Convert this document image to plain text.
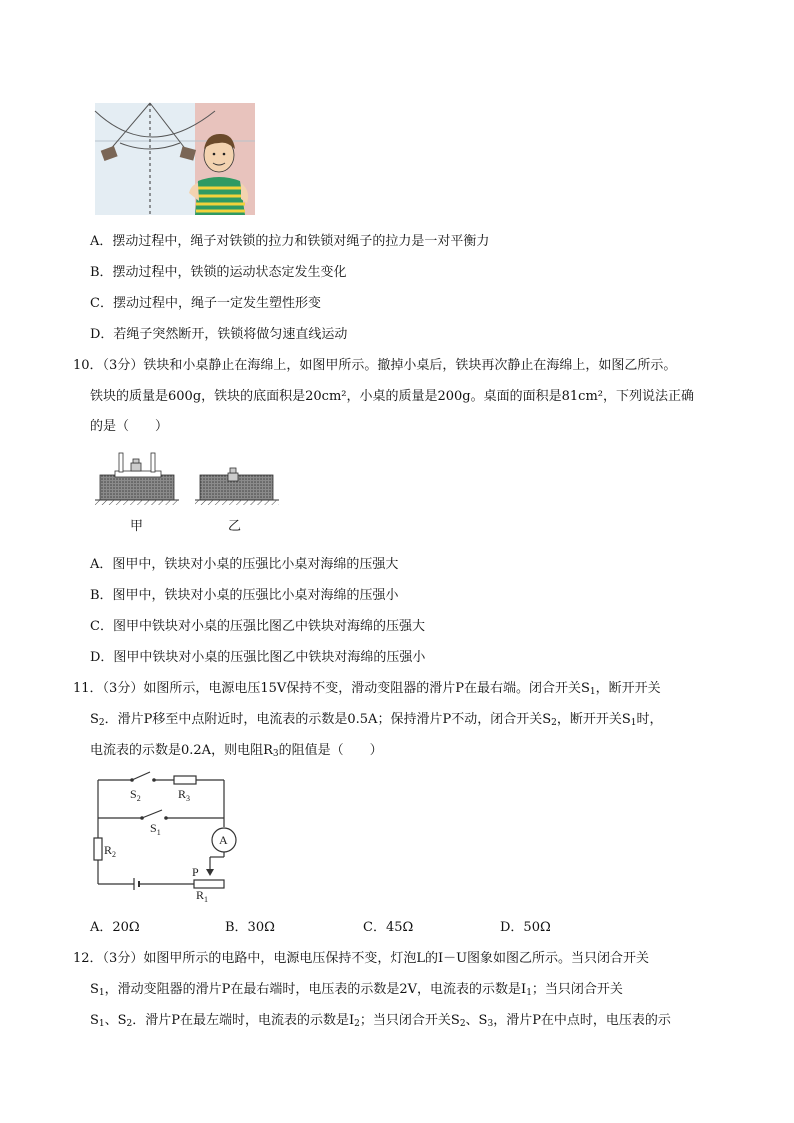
A．摆动过程中，绳子对铁锁的拉力和铁锁对绳子的拉力是一对平衡力
B．摆动过程中，铁锁的运动状态定发生变化
C．摆动过程中，绳子一定发生塑性形变
D．若绳子突然断开，铁锁将做匀速直线运动
10．（3分）铁块和小桌静止在海绵上，如图甲所示。撤掉小桌后，铁块再次静止在海绵上，如图乙所示。
铁块的质量是600g，铁块的底面积是20cm²，小桌的质量是200g。桌面的面积是81cm²，下列说法正确
的是（　　）
甲	乙
A．图甲中，铁块对小桌的压强比小桌对海绵的压强大
B．图甲中，铁块对小桌的压强比小桌对海绵的压强小
C．图甲中铁块对小桌的压强比图乙中铁块对海绵的压强大
D．图甲中铁块对小桌的压强比图乙中铁块对海绵的压强小
11．（3分）如图所示，电源电压15V保持不变，滑动变阻器的滑片P在最右端。闭合开关$S_1$，断开开关
$S_2$．滑片P移至中点附近时，电流表的示数是0.5A；保持滑片P不动，闭合开关$S_2$，断开开关$S_1$时，
电流表的示数是0.2A，则电阻$R_3$的阻值是（　　）
$S_2$	$R_3$
$S_1$
$R_2$
A
P
$R_1$
A．20Ω	B．30Ω	C．45Ω	D．50Ω
12．（3分）如图甲所示的电路中，电源电压保持不变，灯泡L的I－U图象如图乙所示。当只闭合开关
$S_1$，滑动变阻器的滑片P在最右端时，电压表的示数是2V，电流表的示数是$I_1$；当只闭合开关
$S_1$、$S_2$．滑片P在最左端时，电流表的示数是$I_2$；当只闭合开关$S_2$、$S_3$，滑片P在中点时，电压表的示
